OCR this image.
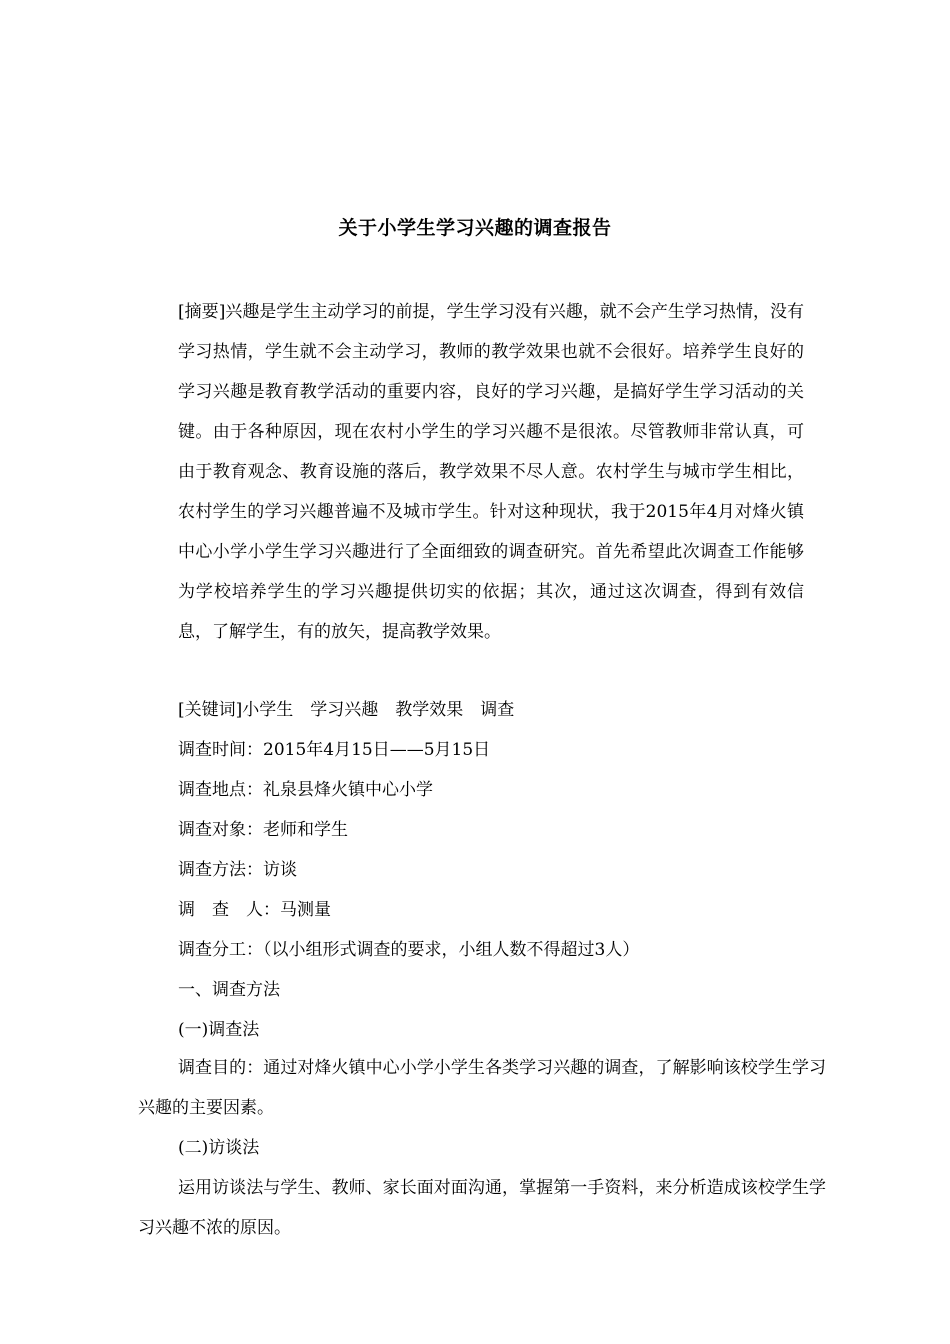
关于小学生学习兴趣的调查报告

[摘要]兴趣是学生主动学习的前提，学生学习没有兴趣，就不会产生学习热情，没有学习热情，学生就不会主动学习，教师的教学效果也就不会很好。培养学生良好的学习兴趣是教育教学活动的重要内容，良好的学习兴趣，是搞好学生学习活动的关键。由于各种原因，现在农村小学生的学习兴趣不是很浓。尽管教师非常认真，可由于教育观念、教育设施的落后，教学效果不尽人意。农村学生与城市学生相比，农村学生的学习兴趣普遍不及城市学生。针对这种现状，我于2015年4月对烽火镇中心小学小学生学习兴趣进行了全面细致的调查研究。首先希望此次调查工作能够为学校培养学生的学习兴趣提供切实的依据；其次，通过这次调查，得到有效信息，了解学生，有的放矢，提高教学效果。

[关键词]小学生　学习兴趣　教学效果　调查
调查时间：2015年4月15日——5月15日
调查地点：礼泉县烽火镇中心小学
调查对象：老师和学生
调查方法：访谈
调　查　人：马测量
调查分工：（以小组形式调查的要求，小组人数不得超过3人）
一、调查方法
(一)调查法

调查目的：通过对烽火镇中心小学小学生各类学习兴趣的调查，了解影响该校学生学习兴趣的主要因素。

(二)访谈法

运用访谈法与学生、教师、家长面对面沟通，掌握第一手资料，来分析造成该校学生学习兴趣不浓的原因。
